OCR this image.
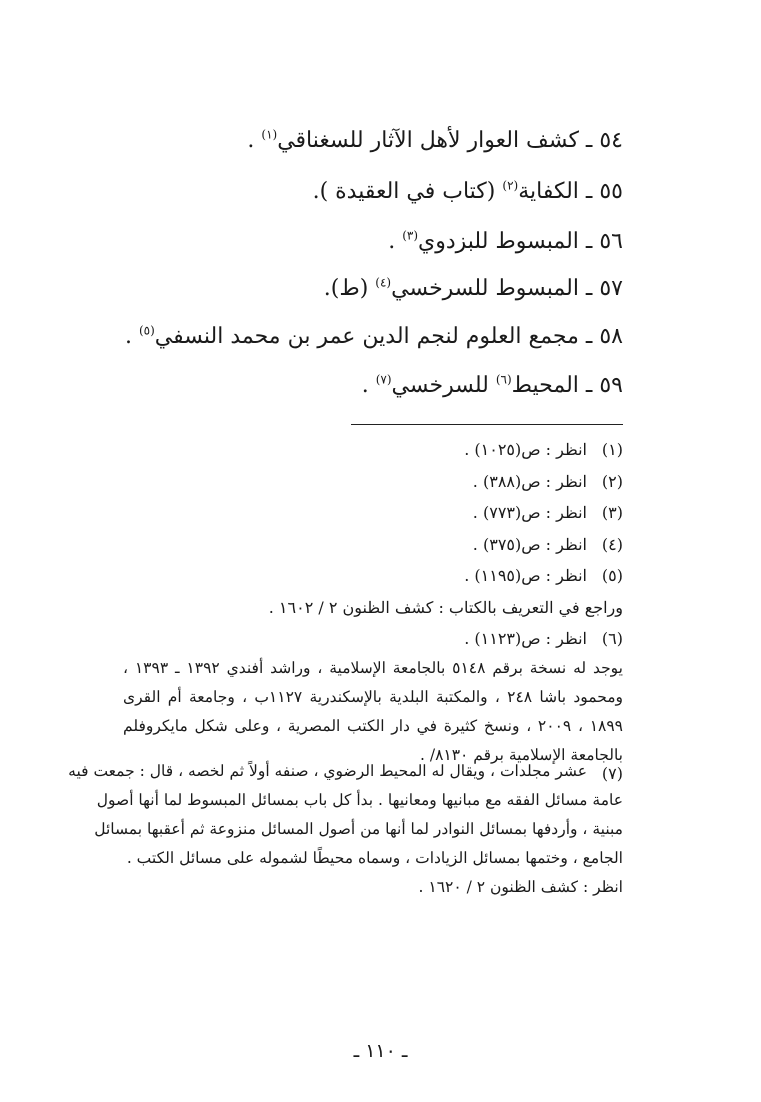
٥٤ ـ كشف العوار لأهل الآثار للسغناقي$^{(١)}$ .
٥٥ ـ الكفاية$^{(٢)}$ (كتاب في العقيدة ).
٥٦ ـ المبسوط للبزدوي$^{(٣)}$ .
٥٧ ـ المبسوط للسرخسي$^{(٤)}$ (ط).
٥٨ ـ مجمع العلوم لنجم الدين عمر بن محمد النسفي$^{(٥)}$ .
٥٩ ـ المحيط$^{(٦)}$ للسرخسي$^{(٧)}$ .
(١)انظر : ص(١٠٢٥) .
(٢)انظر : ص(٣٨٨) .
(٣)انظر : ص(٧٧٣) .
(٤)انظر : ص(٣٧٥) .
(٥)انظر : ص(١١٩٥) .
وراجع في التعريف بالكتاب : كشف الظنون ٢ / ١٦٠٢ .
(٦)انظر : ص(١١٢٣) .
يوجد له نسخة برقم ٥١٤٨ بالجامعة الإسلامية ، وراشد أفندي ١٣٩٢ ـ ١٣٩٣ ،
ومحمود باشا ٢٤٨ ، والمكتبة البلدية بالإسكندرية ١١٢٧ب ، وجامعة أم القرى
١٨٩٩ ، ٢٠٠٩ ، ونسخ كثيرة في دار الكتب المصرية ، وعلى شكل مايكروفلم
بالجامعة الإسلامية برقم ٨١٣٠/ .
(٧)
عشر مجلدات ، ويقال له المحيط الرضوي ، صنفه أولاً ثم لخصه ، قال : جمعت فيه
عامة مسائل الفقه مع مبانيها ومعانيها . بدأ كل باب بمسائل المبسوط لما أنها أصول
مبنية ، وأردفها بمسائل النوادر لما أنها من أصول المسائل منزوعة ثم أعقبها بمسائل
الجامع ، وختمها بمسائل الزيادات ، وسماه محيطًا لشموله على مسائل الكتب .
انظر : كشف الظنون ٢ / ١٦٢٠ .
ـ ١١٠ ـ
